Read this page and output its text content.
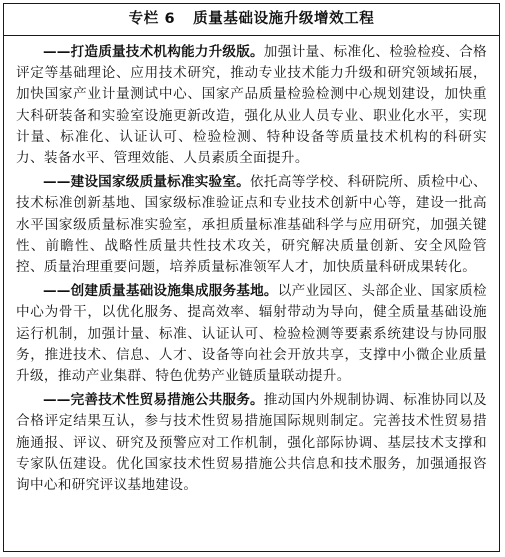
专栏 6 质量基础设施升级增效工程

——打造质量技术机构能力升级版。加强计量、标准化、检验检疫、合格评定等基础理论、应用技术研究，推动专业技术能力升级和研究领域拓展，加快国家产业计量测试中心、国家产品质量检验检测中心规划建设，加快重大科研装备和实验室设施更新改造，强化从业人员专业、职业化水平，实现计量、标准化、认证认可、检验检测、特种设备等质量技术机构的科研实力、装备水平、管理效能、人员素质全面提升。

——建设国家级质量标准实验室。依托高等学校、科研院所、质检中心、技术标准创新基地、国家级标准验证点和专业技术创新中心等，建设一批高水平国家级质量标准实验室，承担质量标准基础科学与应用研究，加强关键性、前瞻性、战略性质量共性技术攻关，研究解决质量创新、安全风险管控、质量治理重要问题，培养质量标准领军人才，加快质量科研成果转化。

——创建质量基础设施集成服务基地。以产业园区、头部企业、国家质检中心为骨干，以优化服务、提高效率、辐射带动为导向，健全质量基础设施运行机制，加强计量、标准、认证认可、检验检测等要素系统建设与协同服务，推进技术、信息、人才、设备等向社会开放共享，支撑中小微企业质量升级，推动产业集群、特色优势产业链质量联动提升。

——完善技术性贸易措施公共服务。推动国内外规制协调、标准协同以及合格评定结果互认，参与技术性贸易措施国际规则制定。完善技术性贸易措施通报、评议、研究及预警应对工作机制，强化部际协调、基层技术支撑和专家队伍建设。优化国家技术性贸易措施公共信息和技术服务，加强通报咨询中心和研究评议基地建设。
